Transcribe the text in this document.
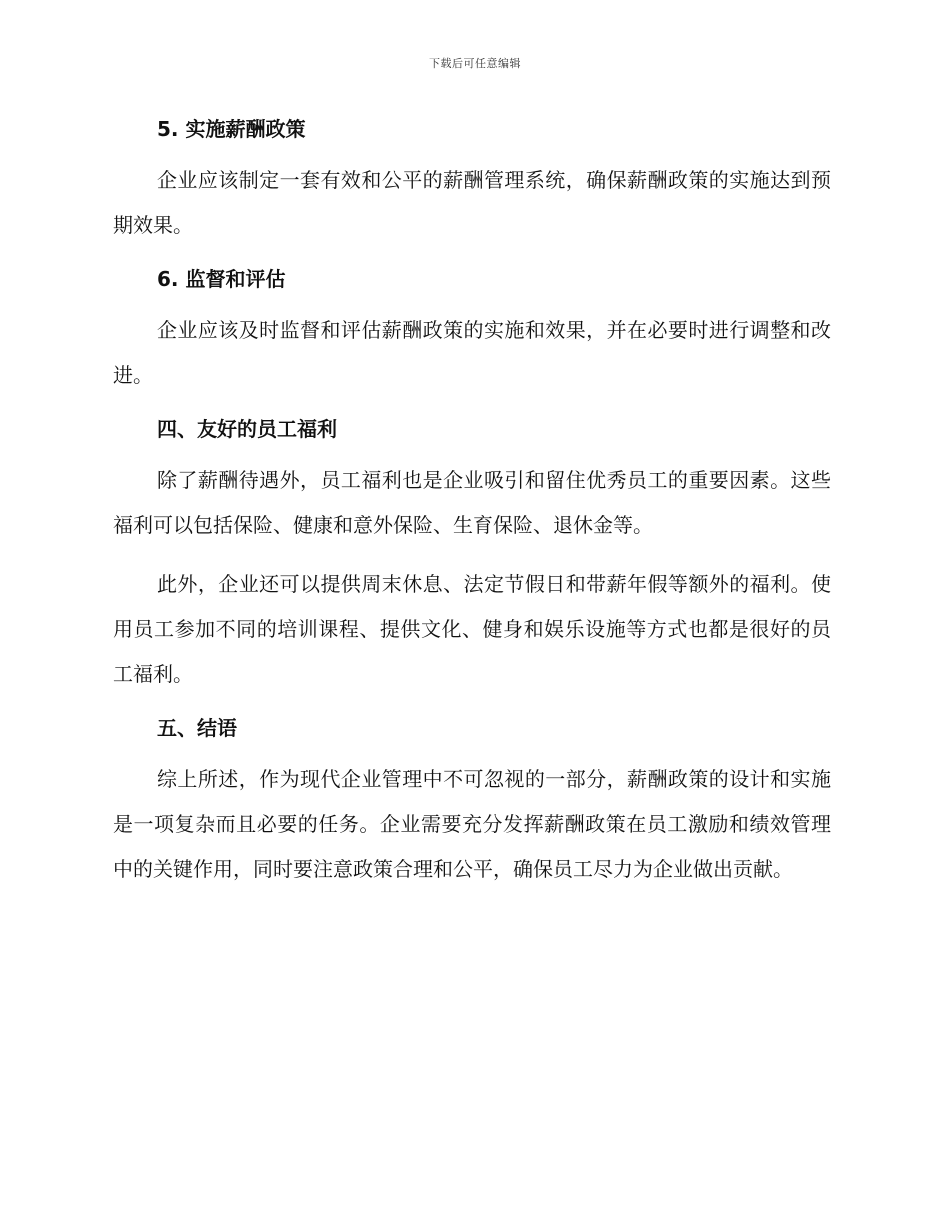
下载后可任意编辑
5. 实施薪酬政策

企业应该制定一套有效和公平的薪酬管理系统，确保薪酬政策的实施达到预期效果。

6. 监督和评估

企业应该及时监督和评估薪酬政策的实施和效果，并在必要时进行调整和改进。

四、友好的员工福利

除了薪酬待遇外，员工福利也是企业吸引和留住优秀员工的重要因素。这些福利可以包括保险、健康和意外保险、生育保险、退休金等。

此外，企业还可以提供周末休息、法定节假日和带薪年假等额外的福利。使用员工参加不同的培训课程、提供文化、健身和娱乐设施等方式也都是很好的员工福利。

五、结语

综上所述，作为现代企业管理中不可忽视的一部分，薪酬政策的设计和实施是一项复杂而且必要的任务。企业需要充分发挥薪酬政策在员工激励和绩效管理中的关键作用，同时要注意政策合理和公平，确保员工尽力为企业做出贡献。
